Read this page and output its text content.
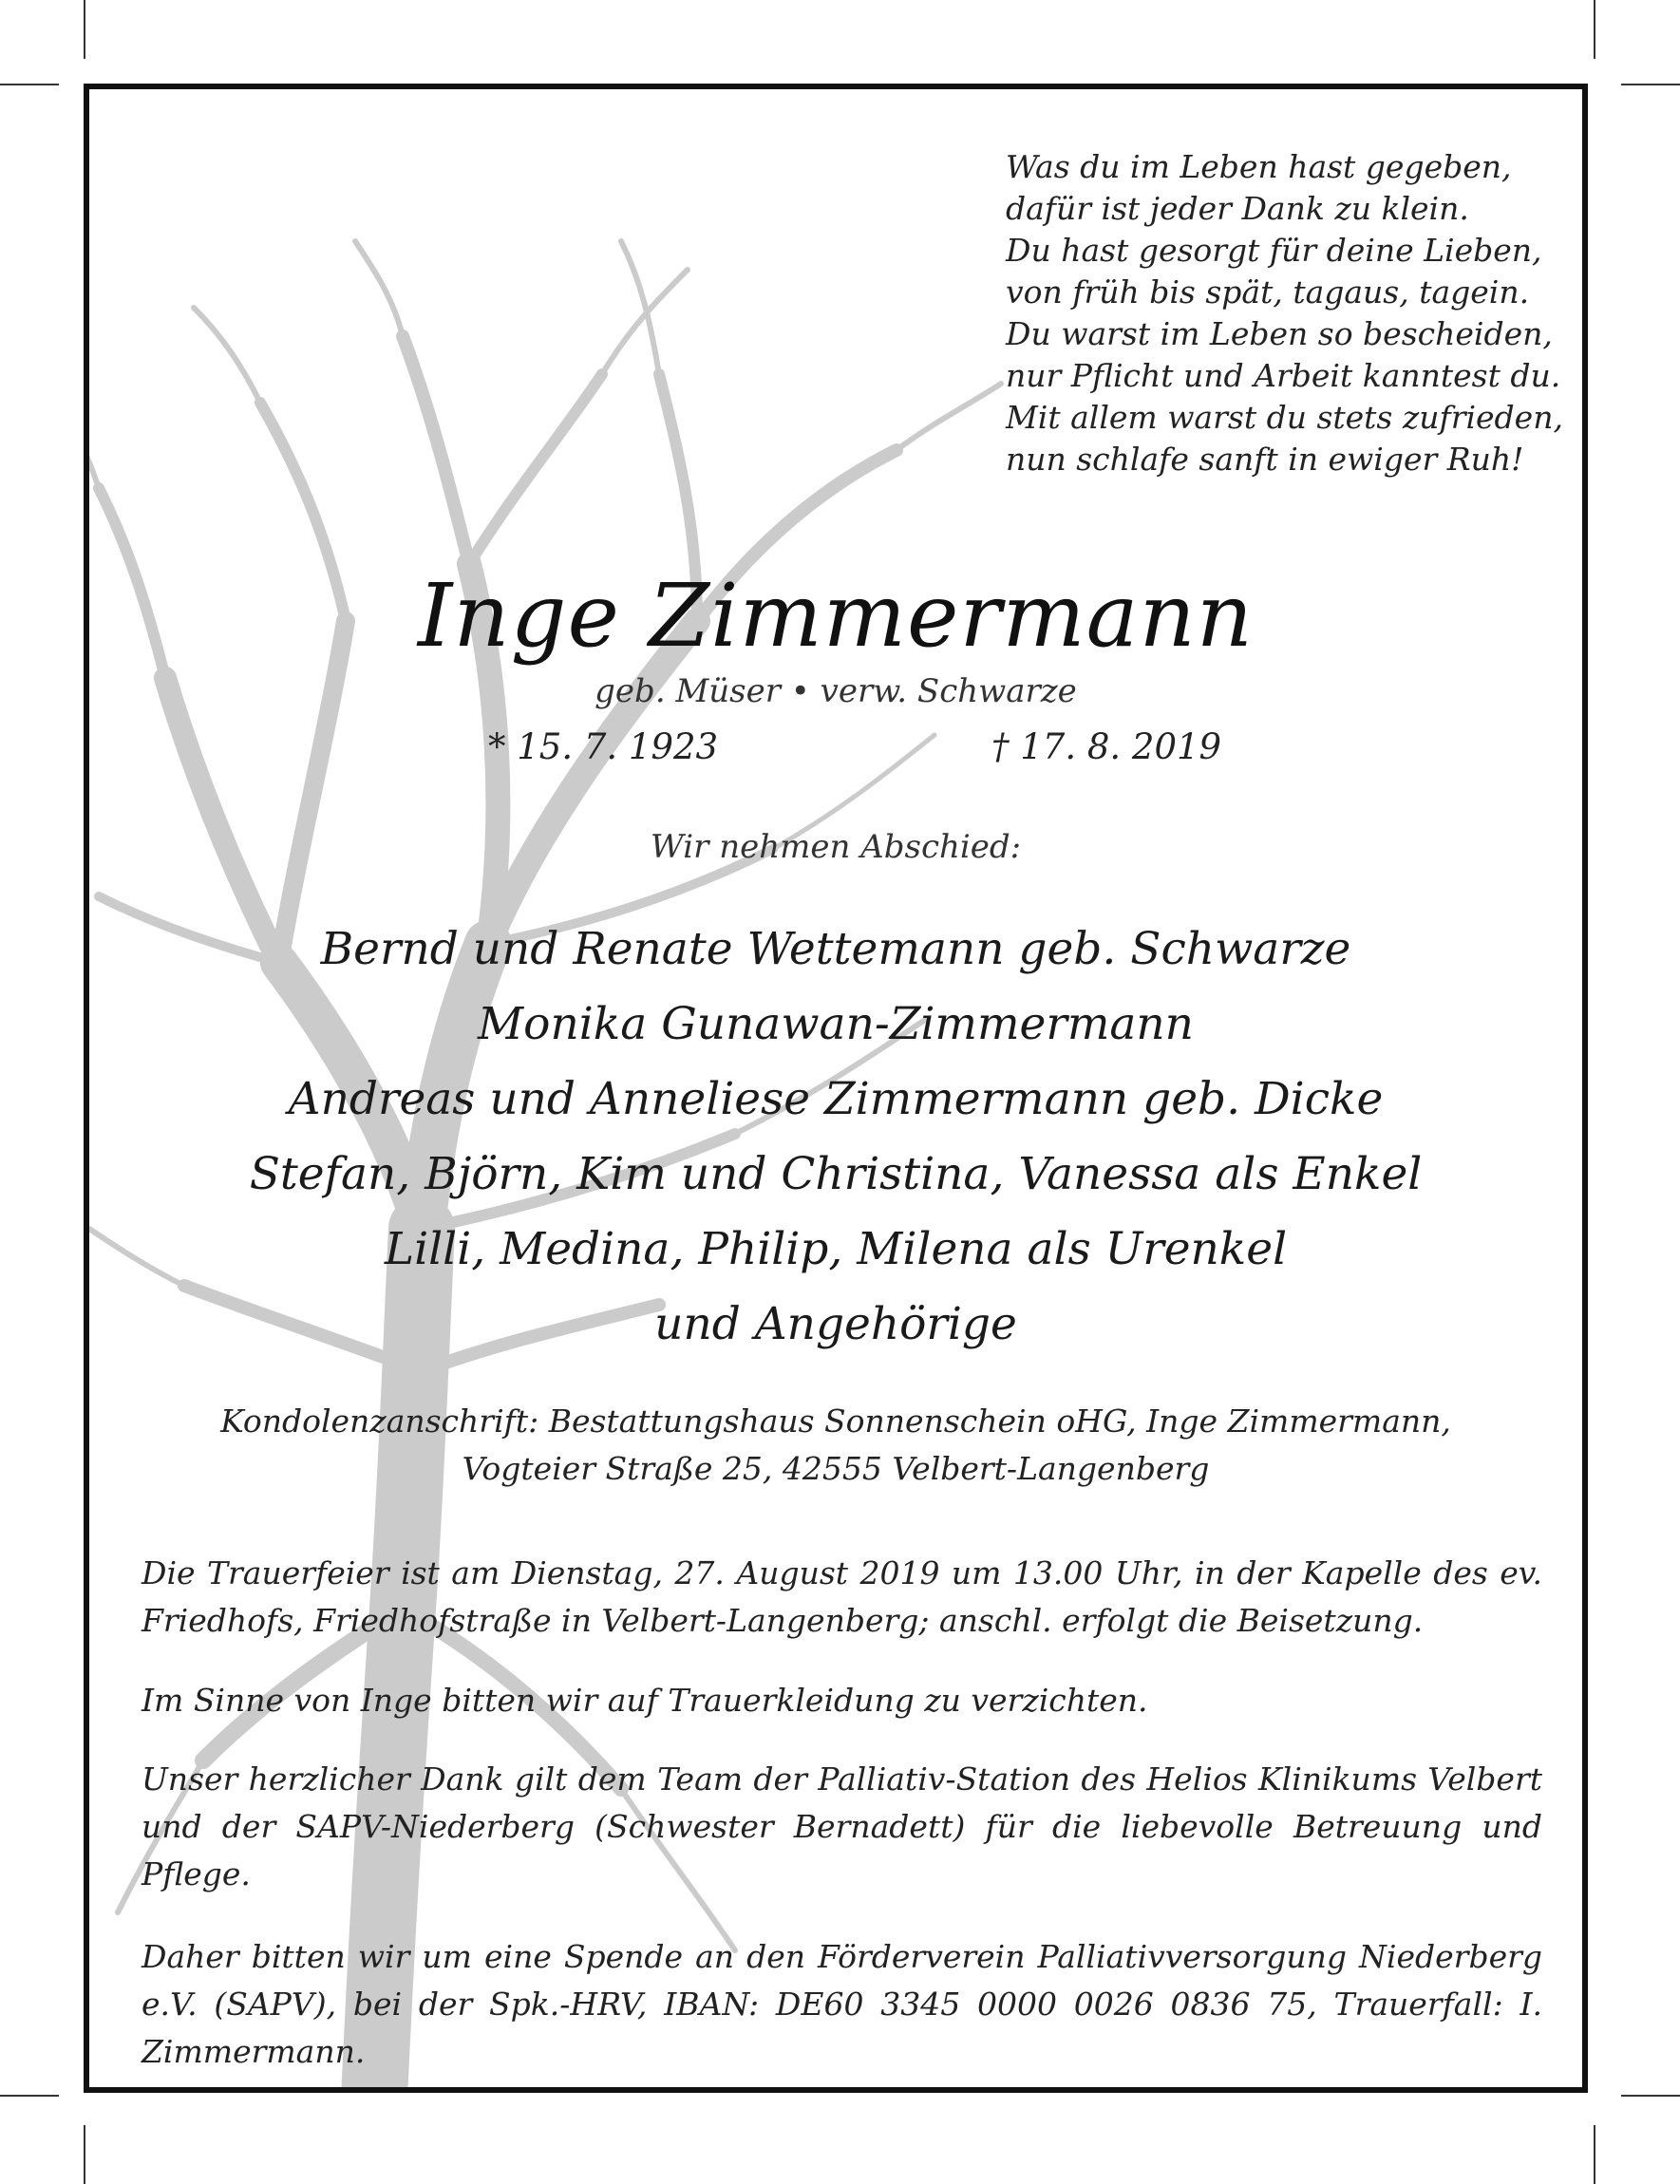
Was du im Leben hast gegeben,
dafür ist jeder Dank zu klein.
Du hast gesorgt für deine Lieben,
von früh bis spät, tagaus, tagein.
Du warst im Leben so bescheiden,
nur Pflicht und Arbeit kanntest du.
Mit allem warst du stets zufrieden,
nun schlafe sanft in ewiger Ruh!
Inge Zimmermann
geb. Müser • verw. Schwarze
* 15. 7. 1923	† 17. 8. 2019
Wir nehmen Abschied:
Bernd und Renate Wettemann geb. Schwarze
Monika Gunawan-Zimmermann
Andreas und Anneliese Zimmermann geb. Dicke
Stefan, Björn, Kim und Christina, Vanessa als Enkel
Lilli, Medina, Philip, Milena als Urenkel
und Angehörige
Kondolenzanschrift: Bestattungshaus Sonnenschein oHG, Inge Zimmermann,
Vogteier Straße 25, 42555 Velbert-Langenberg
Die Trauerfeier ist am Dienstag, 27. August 2019 um 13.00 Uhr, in der Kapelle des ev. Friedhofs, Friedhofstraße in Velbert-Langenberg; anschl. erfolgt die Beisetzung.
Im Sinne von Inge bitten wir auf Trauerkleidung zu verzichten.
Unser herzlicher Dank gilt dem Team der Palliativ-Station des Helios Klinikums Velbert und der SAPV-Niederberg (Schwester Bernadett) für die liebevolle Betreuung und Pflege.
Daher bitten wir um eine Spende an den Förderverein Palliativversorgung Niederberg e.V. (SAPV), bei der Spk.-HRV, IBAN: DE60 3345 0000 0026 0836 75, Trauerfall: I. Zimmermann.
